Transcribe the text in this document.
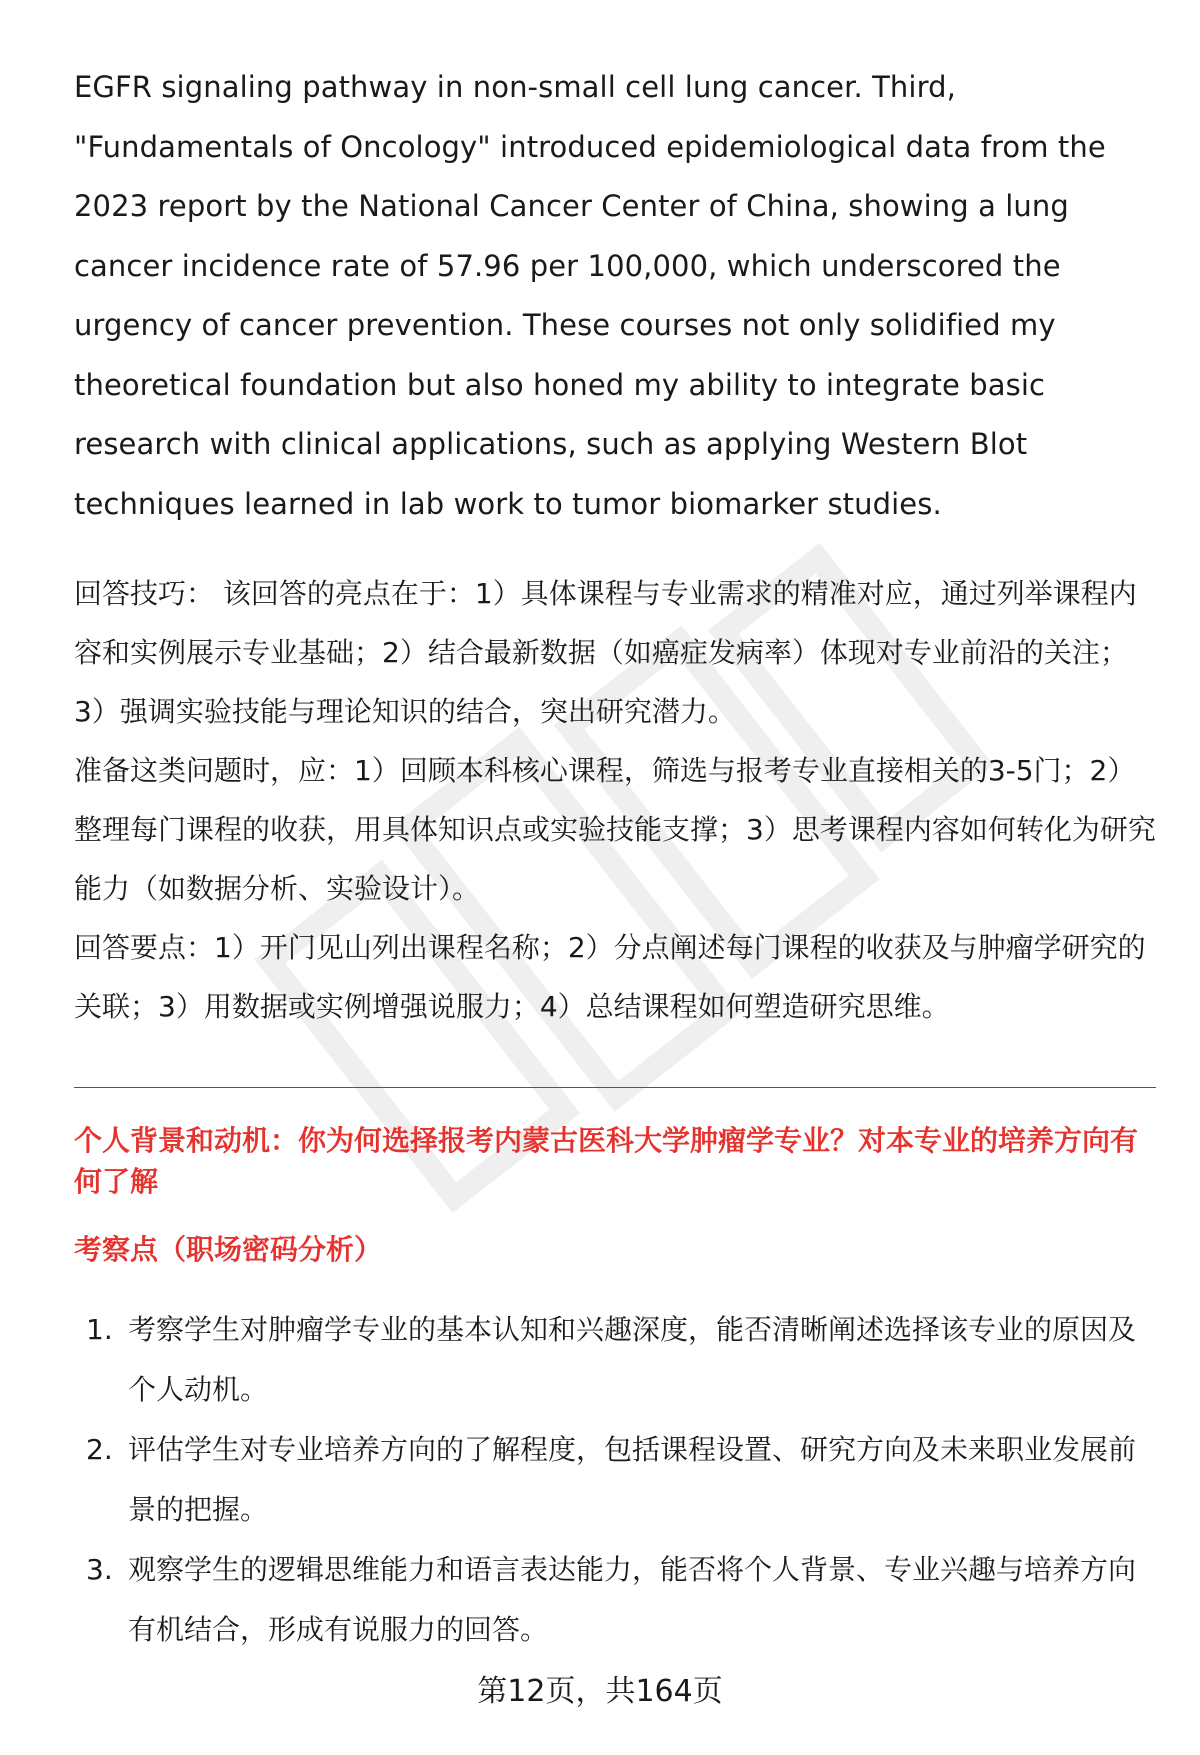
EGFR signaling pathway in non-small cell lung cancer. Third, "Fundamentals of Oncology" introduced epidemiological data from the 2023 report by the National Cancer Center of China, showing a lung cancer incidence rate of 57.96 per 100,000, which underscored the urgency of cancer prevention. These courses not only solidified my theoretical foundation but also honed my ability to integrate basic research with clinical applications, such as applying Western Blot techniques learned in lab work to tumor biomarker studies.

回答技巧： 该回答的亮点在于：1）具体课程与专业需求的精准对应，通过列举课程内容和实例展示专业基础；2）结合最新数据（如癌症发病率）体现对专业前沿的关注；3）强调实验技能与理论知识的结合，突出研究潜力。

准备这类问题时，应：1）回顾本科核心课程，筛选与报考专业直接相关的3-5门；2）整理每门课程的收获，用具体知识点或实验技能支撑；3）思考课程内容如何转化为研究能力（如数据分析、实验设计）。

回答要点：1）开门见山列出课程名称；2）分点阐述每门课程的收获及与肿瘤学研究的关联；3）用数据或实例增强说服力；4）总结课程如何塑造研究思维。

个人背景和动机：你为何选择报考内蒙古医科大学肿瘤学专业？对本专业的培养方向有何了解

考察点（职场密码分析）

1. 考察学生对肿瘤学专业的基本认知和兴趣深度，能否清晰阐述选择该专业的原因及个人动机。
2. 评估学生对专业培养方向的了解程度，包括课程设置、研究方向及未来职业发展前景的把握。
3. 观察学生的逻辑思维能力和语言表达能力，能否将个人背景、专业兴趣与培养方向有机结合，形成有说服力的回答。
第12页，共164页
